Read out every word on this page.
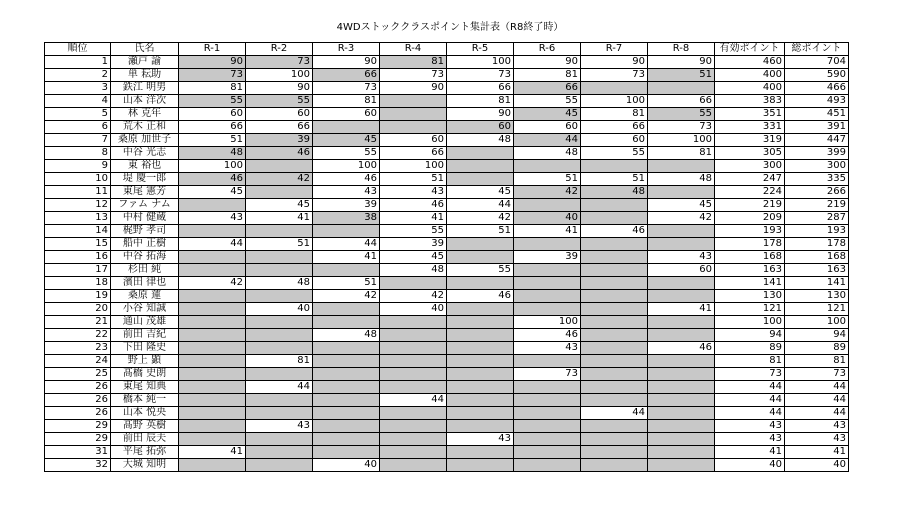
4WDストッククラスポイント集計表（R8終了時）
順位	氏名	R-1	R-2	R-3	R-4	R-5	R-6	R-7	R-8	有効ポイント	総ポイント
1	瀬戸 諭	90	73	90	81	100	90	90	90	460	704
2	単 耘助	73	100	66	73	73	81	73	51	400	590
3	鉄江 明男	81	90	73	90	66	66			400	466
4	山本 洋次	55	55	81		81	55	100	66	383	493
5	林 克年	60	60	60		90	45	81	55	351	451
6	荒木 正和	66	66			60	60	66	73	331	391
7	桑原 加世子	51	39	45	60	48	44	60	100	319	447
8	中谷 光志	48	46	55	66		48	55	81	305	399
9	東 裕也	100		100	100					300	300
10	堤 慶一郎	46	42	46	51		51	51	48	247	335
11	東尾 憲芳	45		43	43	45	42	48		224	266
12	ファム ナム		45	39	46	44			45	219	219
13	中村 健蔵	43	41	38	41	42	40		42	209	287
14	梶野 孝司				55	51	41	46		193	193
15	船中 正樹	44	51	44	39					178	178
16	中谷 拓海			41	45		39		43	168	168
17	杉田 純				48	55			60	163	163
18	濱田 律也	42	48	51						141	141
19	桑原 蓮			42	42	46				130	130
20	小谷 知誠		40		40				41	121	121
21	通山 茂雄						100			100	100
22	前田 吉紀			48			46			94	94
23	下田 隆史						43		46	89	89
24	野上 顕		81							81	81
25	髙橋 史朗						73			73	73
26	東尾 知典		44							44	44
26	橋本 純一				44					44	44
26	山本 悦央							44		44	44
29	髙野 英樹		43							43	43
29	前田 辰夫					43				43	43
31	平尾 拓弥	41								41	41
32	大城 知明			40						40	40
